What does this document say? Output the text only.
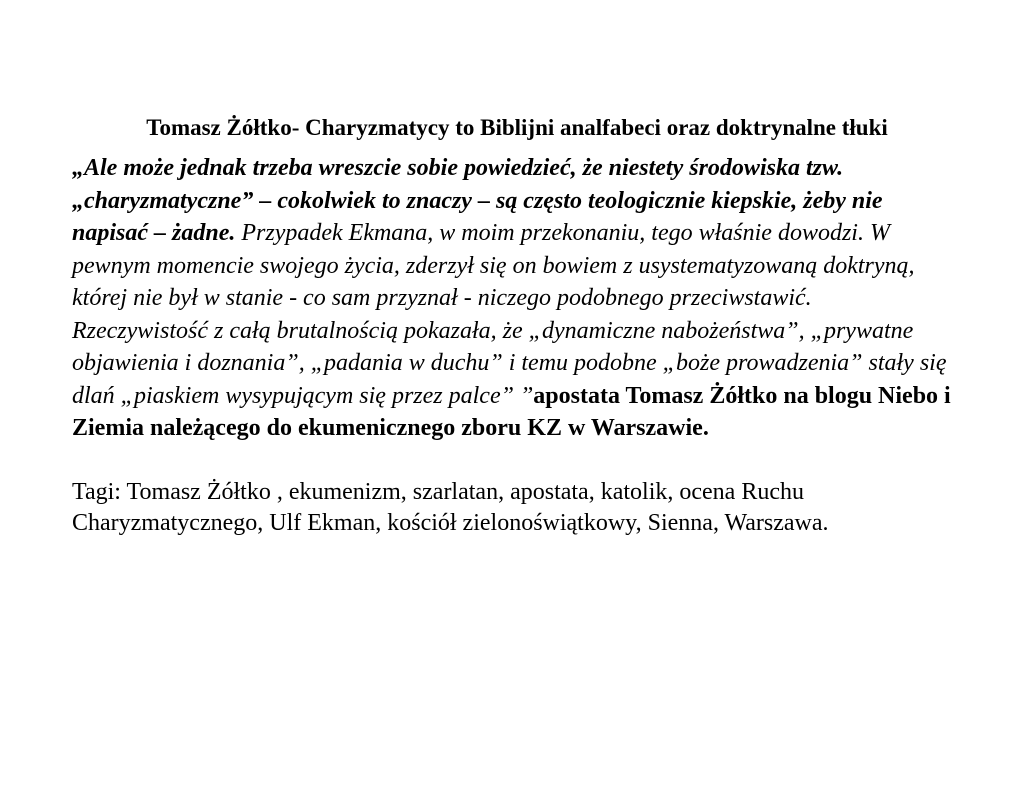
Tomasz Żółtko- Charyzmatycy to Biblijni analfabeci oraz doktrynalne tłuki

„Ale może jednak trzeba wreszcie sobie powiedzieć, że niestety środowiska tzw. „charyzmatyczne” – cokolwiek to znaczy – są często teologicznie kiepskie, żeby nie napisać – żadne. Przypadek Ekmana, w moim przekonaniu, tego właśnie dowodzi. W pewnym momencie swojego życia, zderzył się on bowiem z usystematyzowaną doktryną, której nie był w stanie - co sam przyznał - niczego podobnego przeciwstawić. Rzeczywistość z całą brutalnością pokazała, że „dynamiczne nabożeństwa”, „prywatne objawienia i doznania”, „padania w duchu” i temu podobne „boże prowadzenia” stały się dlań „piaskiem wysypującym się przez palce” ”apostata Tomasz Żółtko na blogu Niebo i Ziemia należącego do ekumenicznego zboru KZ w Warszawie.

Tagi: Tomasz Żółtko , ekumenizm, szarlatan, apostata, katolik, ocena Ruchu Charyzmatycznego, Ulf Ekman, kościół zielonoświątkowy, Sienna, Warszawa.
